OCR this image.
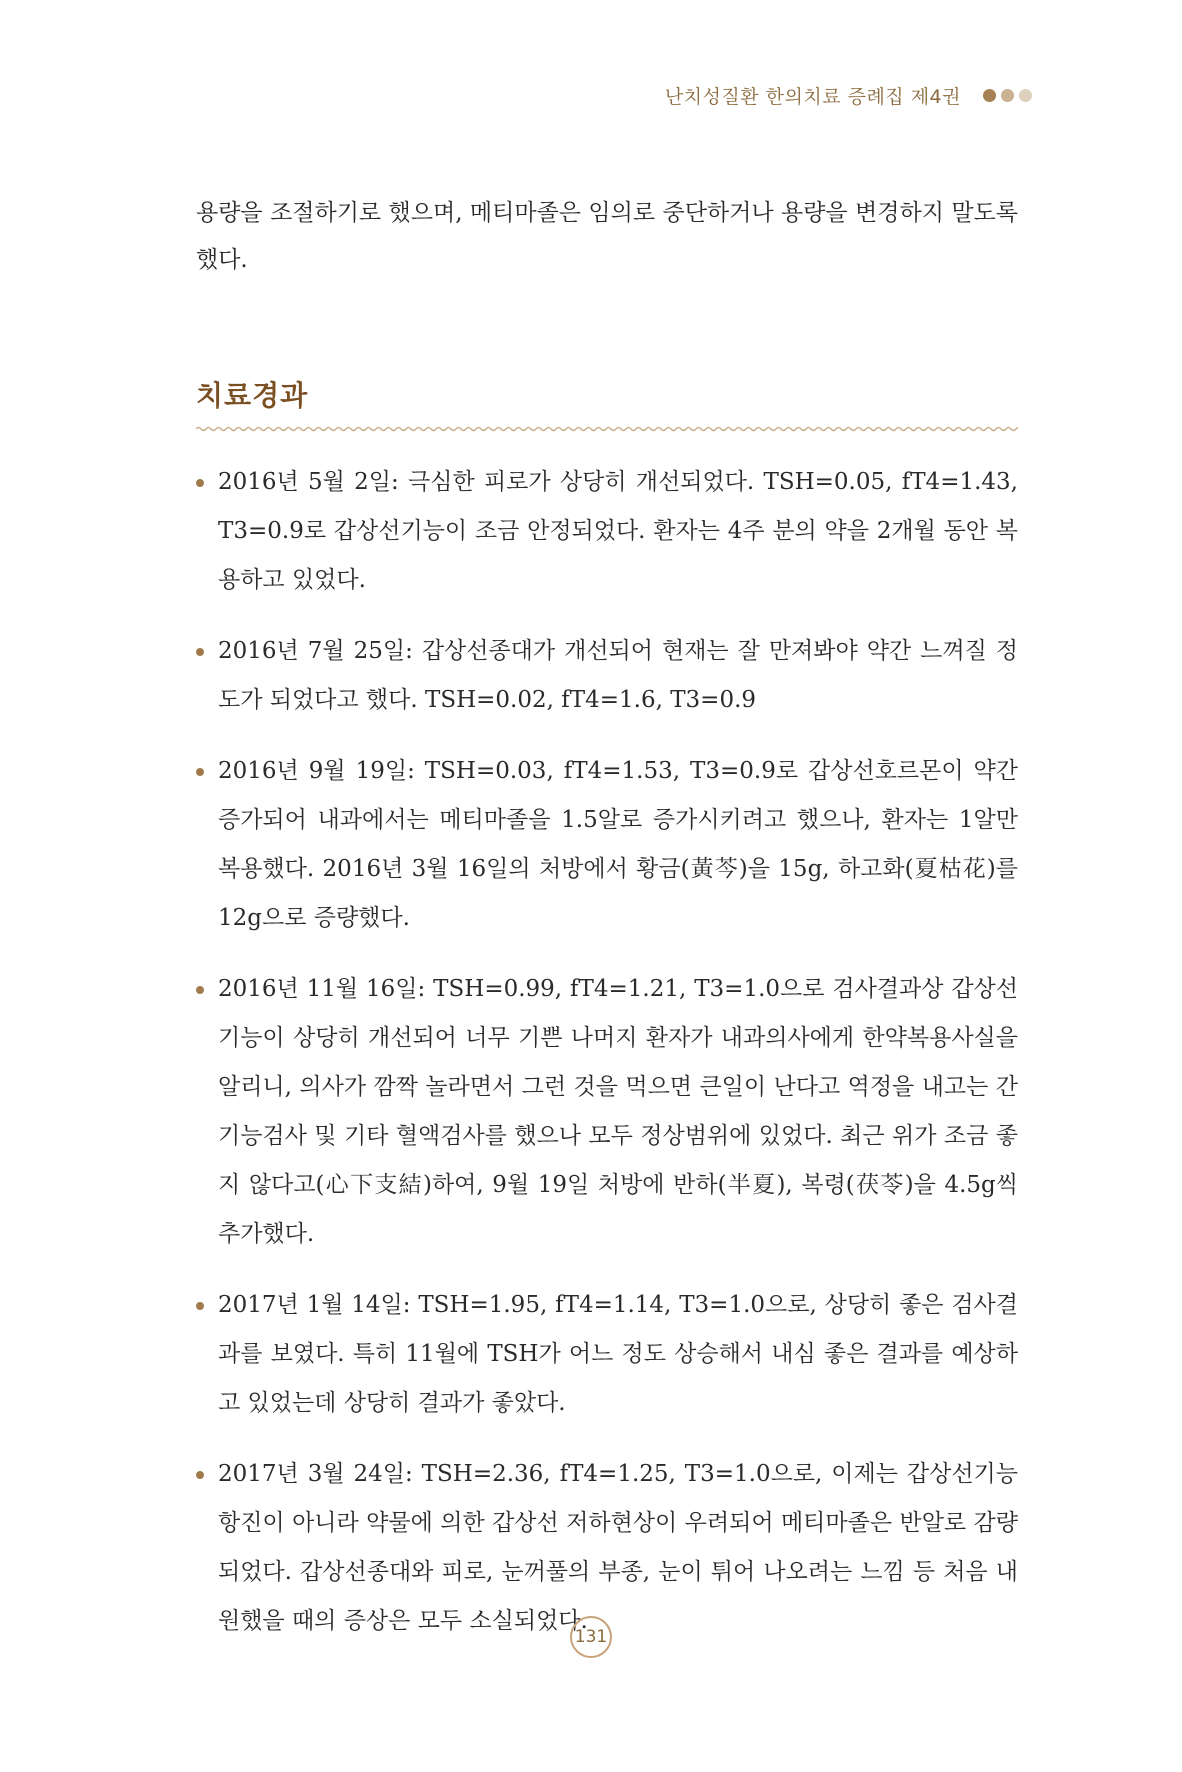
난치성질환 한의치료 증례집 제4권

용량을 조절하기로 했으며, 메티마졸은 임의로 중단하거나 용량을 변경하지 말도록 했다.

치료경과
2016년 5월 2일: 극심한 피로가 상당히 개선되었다. TSH=0.05, fT4=1.43, T3=0.9로 갑상선기능이 조금 안정되었다. 환자는 4주 분의 약을 2개월 동안 복용하고 있었다.
2016년 7월 25일: 갑상선종대가 개선되어 현재는 잘 만져봐야 약간 느껴질 정도가 되었다고 했다. TSH=0.02, fT4=1.6, T3=0.9
2016년 9월 19일: TSH=0.03, fT4=1.53, T3=0.9로 갑상선호르몬이 약간 증가되어 내과에서는 메티마졸을 1.5알로 증가시키려고 했으나, 환자는 1알만 복용했다. 2016년 3월 16일의 처방에서 황금(黃芩)을 15g, 하고화(夏枯花)를 12g으로 증량했다.
2016년 11월 16일: TSH=0.99, fT4=1.21, T3=1.0으로 검사결과상 갑상선기능이 상당히 개선되어 너무 기쁜 나머지 환자가 내과의사에게 한약복용사실을 알리니, 의사가 깜짝 놀라면서 그런 것을 먹으면 큰일이 난다고 역정을 내고는 간기능검사 및 기타 혈액검사를 했으나 모두 정상범위에 있었다. 최근 위가 조금 좋지 않다고(心下支結)하여, 9월 19일 처방에 반하(半夏), 복령(茯苓)을 4.5g씩 추가했다.
2017년 1월 14일: TSH=1.95, fT4=1.14, T3=1.0으로, 상당히 좋은 검사결과를 보였다. 특히 11월에 TSH가 어느 정도 상승해서 내심 좋은 결과를 예상하고 있었는데 상당히 결과가 좋았다.
2017년 3월 24일: TSH=2.36, fT4=1.25, T3=1.0으로, 이제는 갑상선기능항진이 아니라 약물에 의한 갑상선 저하현상이 우려되어 메티마졸은 반알로 감량되었다. 갑상선종대와 피로, 눈꺼풀의 부종, 눈이 튀어 나오려는 느낌 등 처음 내원했을 때의 증상은 모두 소실되었다.
131
